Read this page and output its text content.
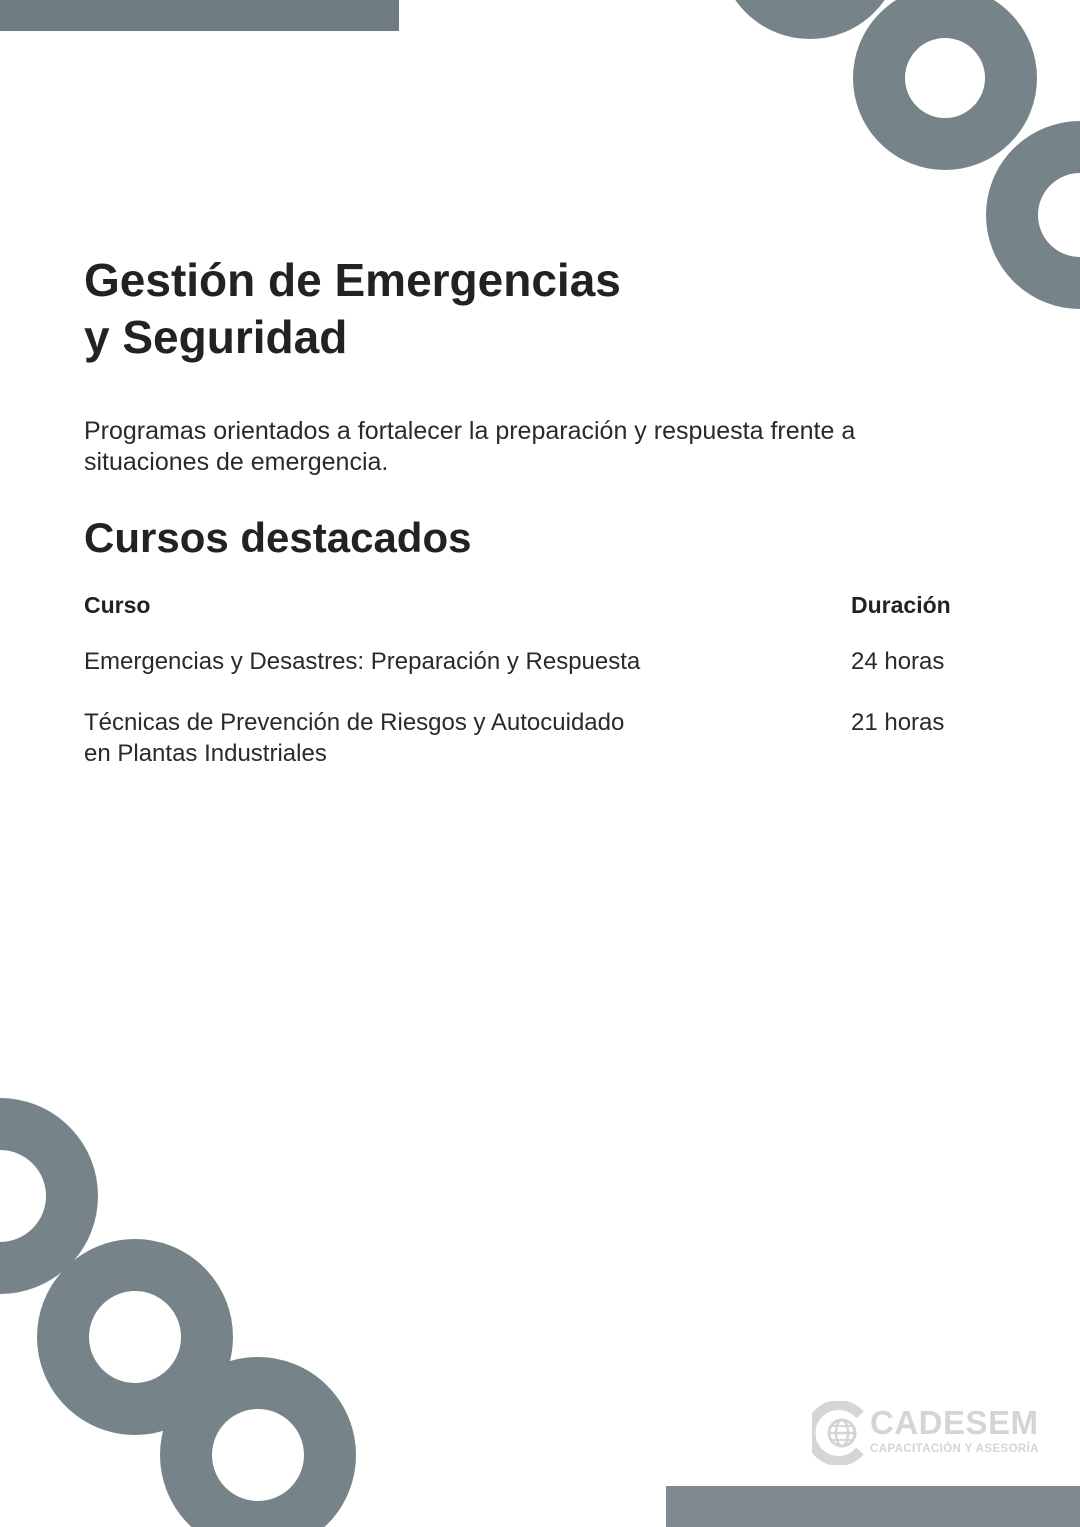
Gestión de Emergencias
y Seguridad

Programas orientados a fortalecer la preparación y respuesta frente a situaciones de emergencia.

Cursos destacados
Curso	Duración

Emergencias y Desastres: Preparación y Respuesta	24 horas

Técnicas de Prevención de Riesgos y Autocuidado
en Plantas Industriales	21 horas
CADESEM
CAPACITACIÓN Y ASESORÍA
